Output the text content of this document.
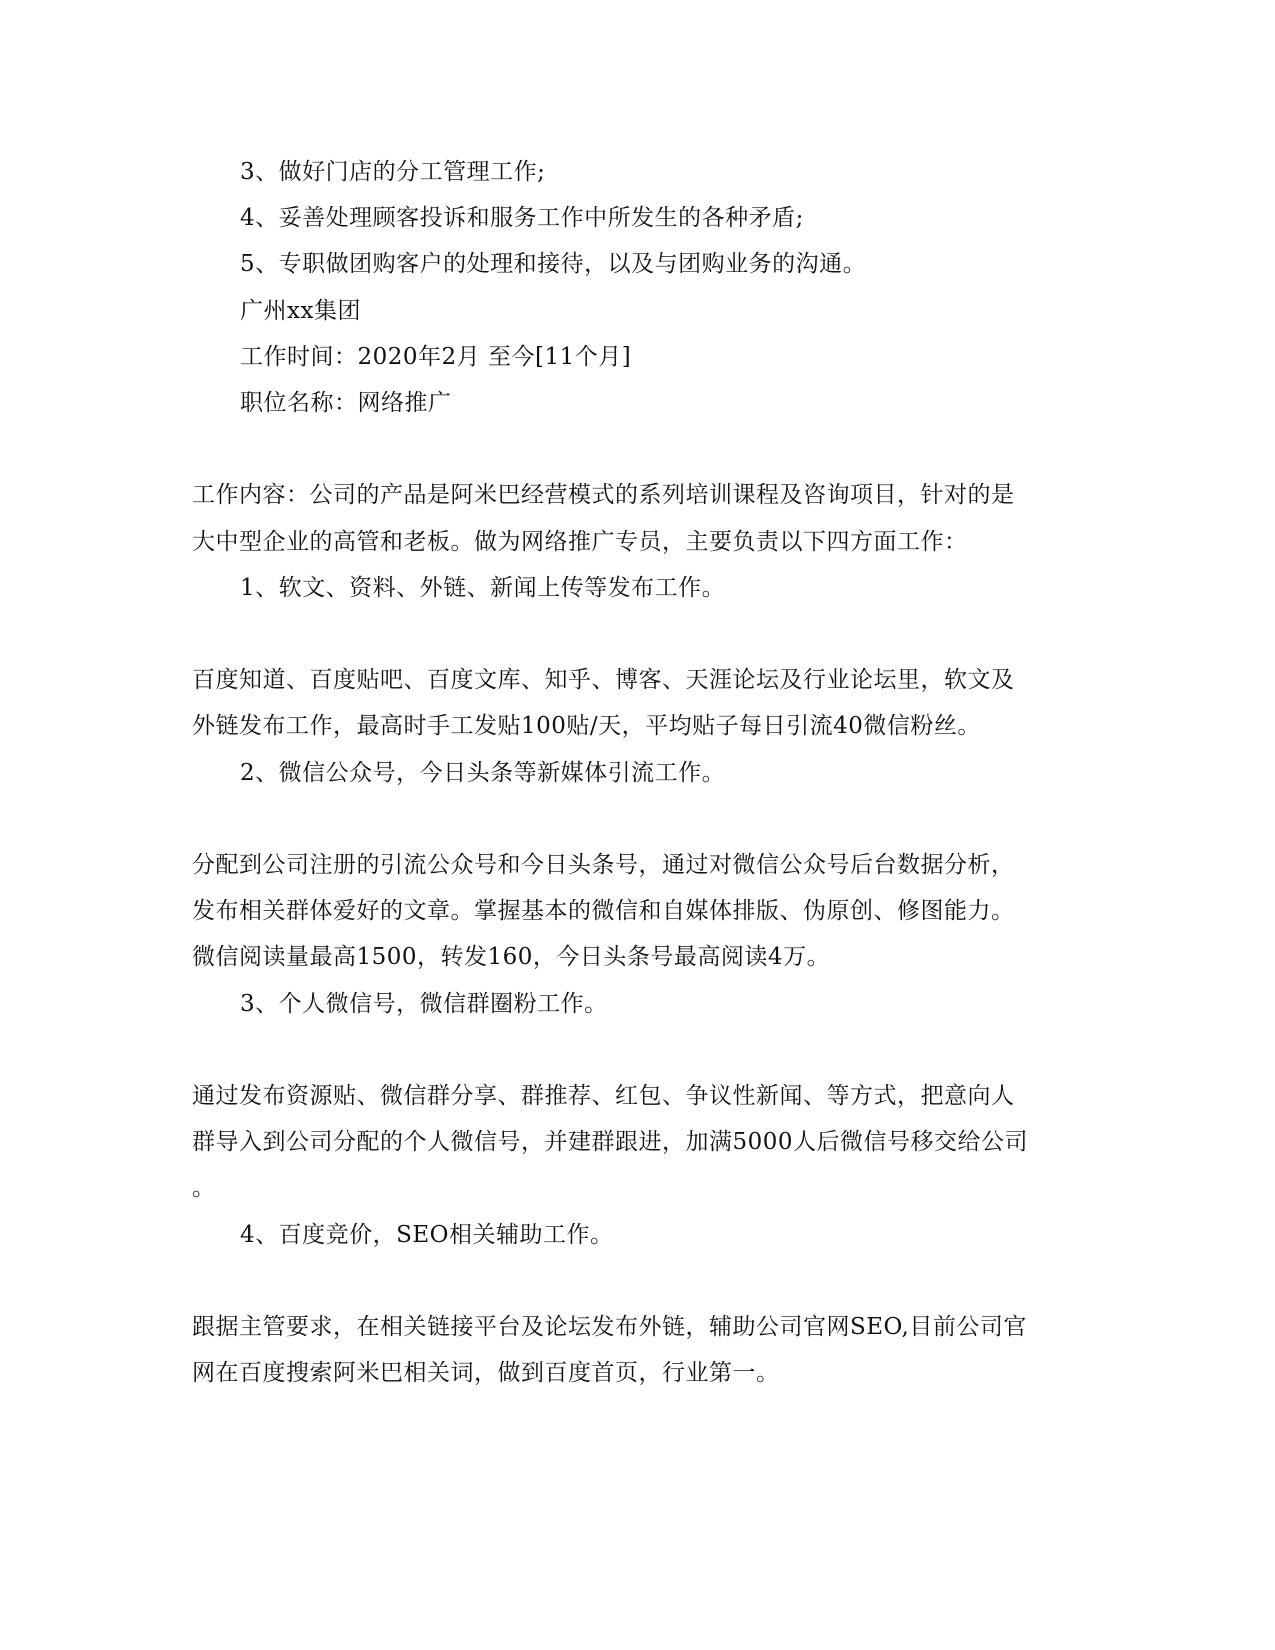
3、做好门店的分工管理工作;
4、妥善处理顾客投诉和服务工作中所发生的各种矛盾;
5、专职做团购客户的处理和接待，以及与团购业务的沟通。
广州xx集团
工作时间：2020年2月 至今[11个月]
职位名称：网络推广
工作内容：公司的产品是阿米巴经营模式的系列培训课程及咨询项目，针对的是
大中型企业的高管和老板。做为网络推广专员，主要负责以下四方面工作：
1、软文、资料、外链、新闻上传等发布工作。
百度知道、百度贴吧、百度文库、知乎、博客、天涯论坛及行业论坛里，软文及
外链发布工作，最高时手工发贴100贴/天，平均贴子每日引流40微信粉丝。
2、微信公众号，今日头条等新媒体引流工作。
分配到公司注册的引流公众号和今日头条号，通过对微信公众号后台数据分析，
发布相关群体爱好的文章。掌握基本的微信和自媒体排版、伪原创、修图能力。
微信阅读量最高1500，转发160，今日头条号最高阅读4万。
3、个人微信号，微信群圈粉工作。
通过发布资源贴、微信群分享、群推荐、红包、争议性新闻、等方式，把意向人
群导入到公司分配的个人微信号，并建群跟进，加满5000人后微信号移交给公司
。
4、百度竞价，SEO相关辅助工作。
跟据主管要求，在相关链接平台及论坛发布外链，辅助公司官网SEO,目前公司官
网在百度搜索阿米巴相关词，做到百度首页，行业第一。
